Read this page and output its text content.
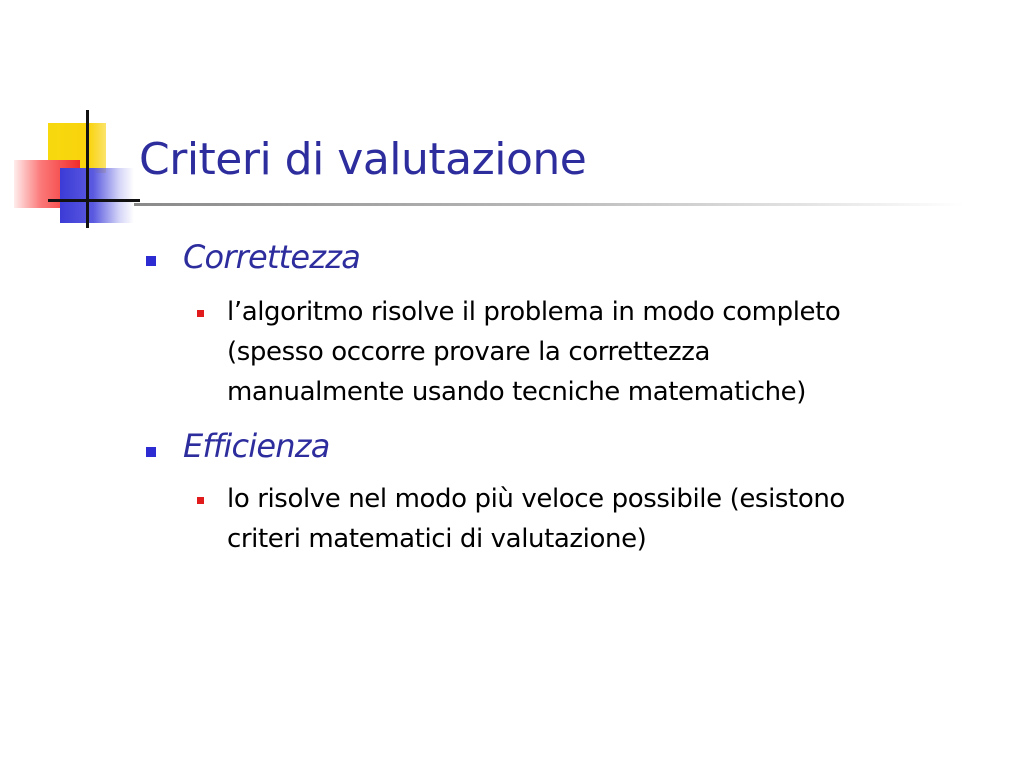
Criteri di valutazione
Correttezza
l’algoritmo risolve il problema in modo completo
(spesso occorre provare la correttezza
manualmente usando tecniche matematiche)
Efficienza
lo risolve nel modo più veloce possibile (esistono
criteri matematici di valutazione)
